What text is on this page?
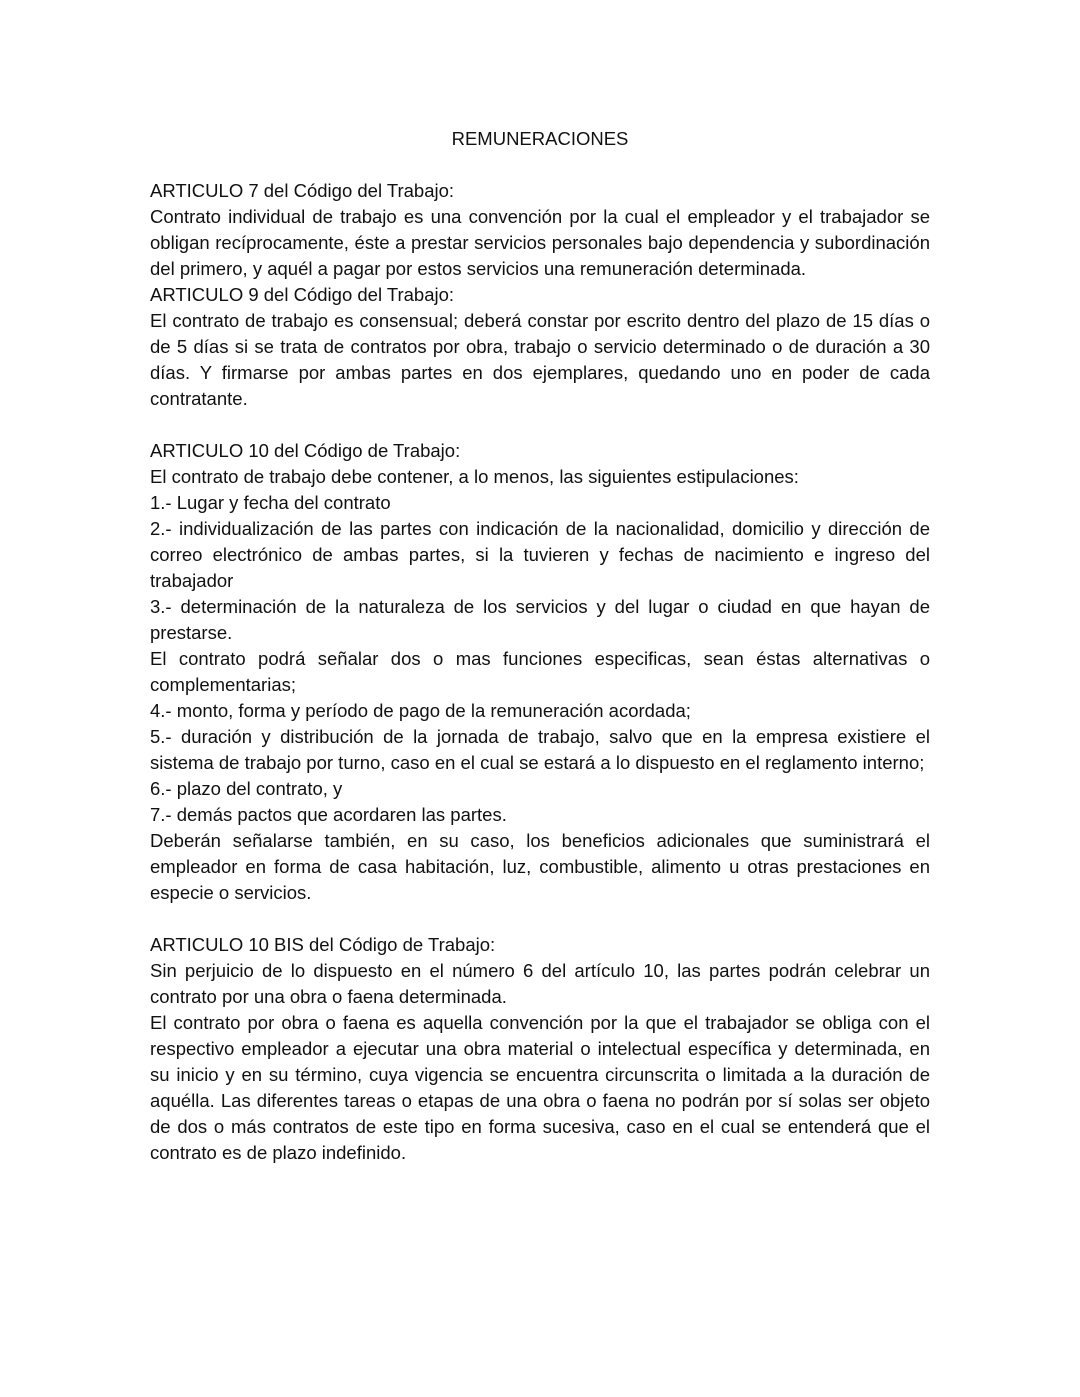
REMUNERACIONES

ARTICULO 7 del Código del Trabajo:

Contrato individual de trabajo es una convención por la cual el empleador y el trabajador se obligan recíprocamente, éste a prestar servicios personales bajo dependencia y subordinación del primero, y aquél a pagar por estos servicios una remuneración determinada.

ARTICULO 9 del Código del Trabajo:

El contrato de trabajo es consensual; deberá constar por escrito dentro del plazo de 15 días o de 5 días si se trata de contratos por obra, trabajo o servicio determinado o de duración a 30 días. Y firmarse por ambas partes en dos ejemplares, quedando uno en poder de cada contratante.

ARTICULO 10 del Código de Trabajo:

El contrato de trabajo debe contener, a lo menos, las siguientes estipulaciones:

1.- Lugar y fecha del contrato

2.- individualización de las partes con indicación de la nacionalidad, domicilio y dirección de correo electrónico de ambas partes, si la tuvieren y fechas de nacimiento e ingreso del trabajador

3.- determinación de la naturaleza de los servicios y del lugar o ciudad en que hayan de prestarse.

El contrato podrá señalar dos o mas funciones especificas, sean éstas alternativas o complementarias;

4.- monto, forma y período de pago de la remuneración acordada;

5.- duración y distribución de la jornada de trabajo, salvo que en la empresa existiere el sistema de trabajo por turno, caso en el cual se estará a lo dispuesto en el reglamento interno;

6.- plazo del contrato, y

7.- demás pactos que acordaren las partes.

Deberán señalarse también, en su caso, los beneficios adicionales que suministrará el empleador en forma de casa habitación, luz, combustible, alimento u otras prestaciones en especie o servicios.

ARTICULO 10 BIS del Código de Trabajo:

Sin perjuicio de lo dispuesto en el número 6 del artículo 10, las partes podrán celebrar un contrato por una obra o faena determinada.

El contrato por obra o faena es aquella convención por la que el trabajador se obliga con el respectivo empleador a ejecutar una obra material o intelectual específica y determinada, en su inicio y en su término, cuya vigencia se encuentra circunscrita o limitada a la duración de aquélla. Las diferentes tareas o etapas de una obra o faena no podrán por sí solas ser objeto de dos o más contratos de este tipo en forma sucesiva, caso en el cual se entenderá que el contrato es de plazo indefinido.
